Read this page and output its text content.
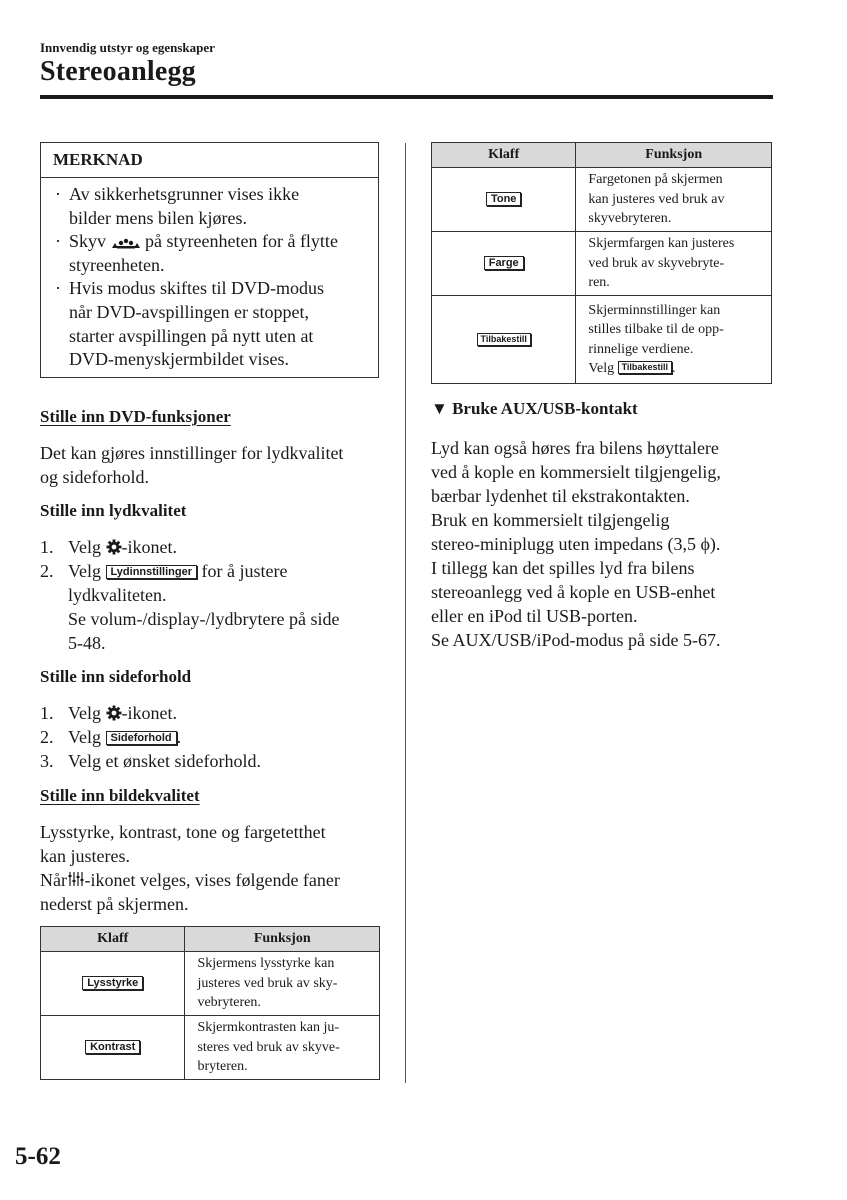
Innvendig utstyr og egenskaper
Stereoanlegg
MERKNAD
· Av sikkerhetsgrunner vises ikke
bilder mens bilen kjøres.
· Skyv på styreenheten for å flytte
styreenheten.
· Hvis modus skiftes til DVD-modus
når DVD-avspillingen er stoppet,
starter avspillingen på nytt uten at
DVD-menyskjermbildet vises.
Stille inn DVD-funksjoner
Det kan gjøres innstillinger for lydkvalitet
og sideforhold.
Stille inn lydkvalitet
1. Velg -ikonet.
2. Velg Lydinnstillinger for å justere
lydkvaliteten.
Se volum-/display-/lydbrytere på side
5-48.
Stille inn sideforhold
1. Velg -ikonet.
2. Velg Sideforhold .
3. Velg et ønsket sideforhold.
Stille inn bildekvalitet
Lysstyrke, kontrast, tone og fargetetthet
kan justeres.
Når -ikonet velges, vises følgende faner
nederst på skjermen.
Klaff	Funksjon
Lysstyrke	Skjermens lysstyrke kan
justeres ved bruk av sky-
vebryteren.
Kontrast	Skjermkontrasten kan ju-
steres ved bruk av skyve-
bryteren.
Klaff	Funksjon
Tone	Fargetonen på skjermen
kan justeres ved bruk av
skyvebryteren.
Farge	Skjermfargen kan justeres
ved bruk av skyvebryte-
ren.
Tilbakestill	Skjerminnstillinger kan
stilles tilbake til de opp-
rinnelige verdiene.
Velg Tilbakestill .
▼ Bruke AUX/USB-kontakt
Lyd kan også høres fra bilens høyttalere
ved å kople en kommersielt tilgjengelig,
bærbar lydenhet til ekstrakontakten.
Bruk en kommersielt tilgjengelig
stereo-miniplugg uten impedans (3,5 ϕ).
I tillegg kan det spilles lyd fra bilens
stereoanlegg ved å kople en USB-enhet
eller en iPod til USB-porten.
Se AUX/USB/iPod-modus på side 5-67.
5-62
